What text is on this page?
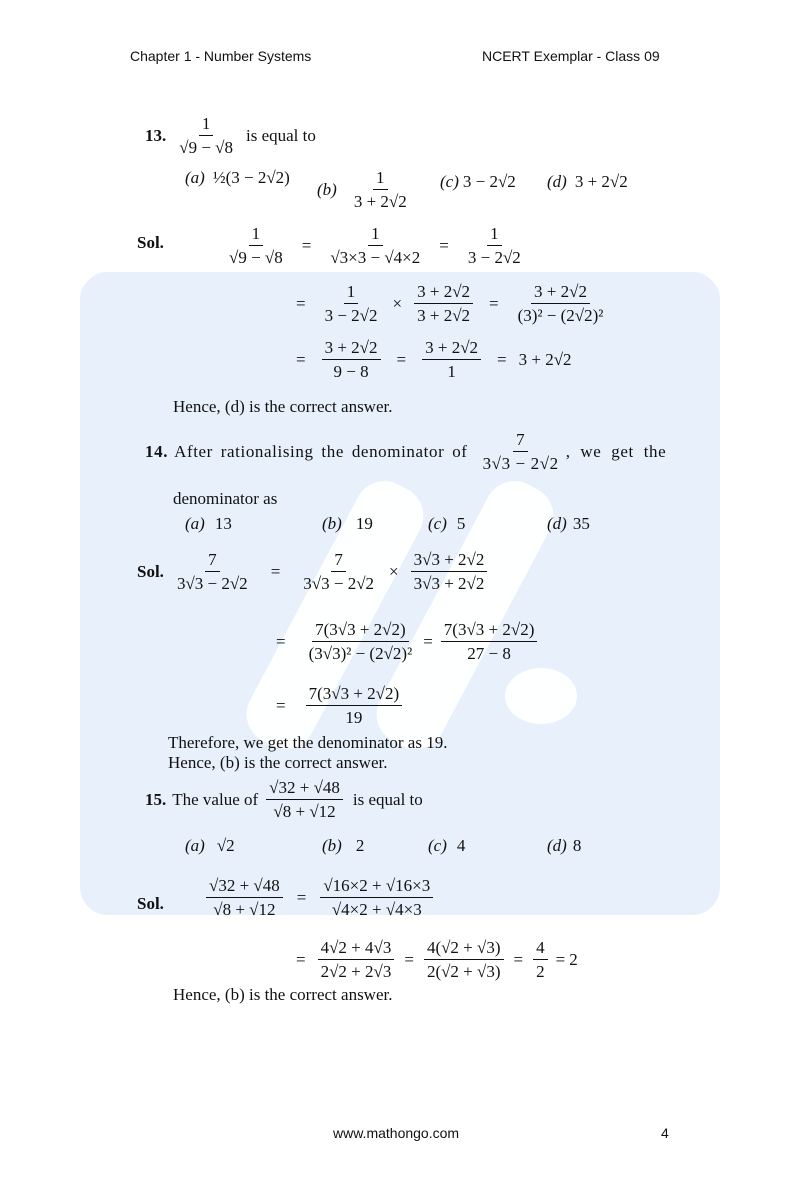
Chapter 1 - Number Systems	NCERT Exemplar - Class 09
13. $\frac{1}{√9 - √8}$ is equal to
(a) ½(3 − 2√2)
$(b) \frac{1}{3 + 2√2} (c) 3 - 2√2$ (d) 3 + 2√2
Sol.	$\frac{1}{√9 - √8} = \frac{1}{√3\times 3 - √4\times 2} = \frac{1}{3 - 2√2}$
= $\frac{1}{3 - 2√2} \times \frac{3 + 2√2}{3 + 2√2} = \frac{3 + 2√2}{\text{(3)² − (2√2)²}}$
= $\frac{3 + 2√2}{9 - 8} = \frac{3 + 2√2}{1} = 3 + 2√2$
Hence, (d) is the correct answer.
14. After rationalising the denominator of $\frac{7}{3√3 - 2√2}$ , we get the
denominator as
(a) 13	(b) 19	(c) 5	(d) 35
Sol. $\frac{7}{3√3 - 2√2} = \frac{7}{3√3 - 2√2} \times \frac{3√3 + 2√2}{3√3 + 2√2}$
= $\frac{7(3√3 + 2√2)}{\text{(3√3)² − (2√2)²}} = \frac{7(3√3 + 2√2)}{27 - 8}$
= $\frac{7(3√3 + 2√2)}{19}$
Therefore, we get the denominator as 19.
Hence, (b) is the correct answer.
15. The value of $\frac{√32 + √48}{√8 + √12}$ is equal to
(a) √2	(b) 2	(c) 4	(d) 8
Sol. $\frac{√32 + √48}{√8 + √12} = \frac{√16\times 2 + √16\times 3}{√4\times 2 + √4\times 3}$
= $\frac{4√2 + 4√3}{2√2 + 2√3} = \frac{4(√2 + √3)}{2(√2 + √3)} = \frac{4}{2} = 2$
Hence, (b) is the correct answer.
www.mathongo.com	4
